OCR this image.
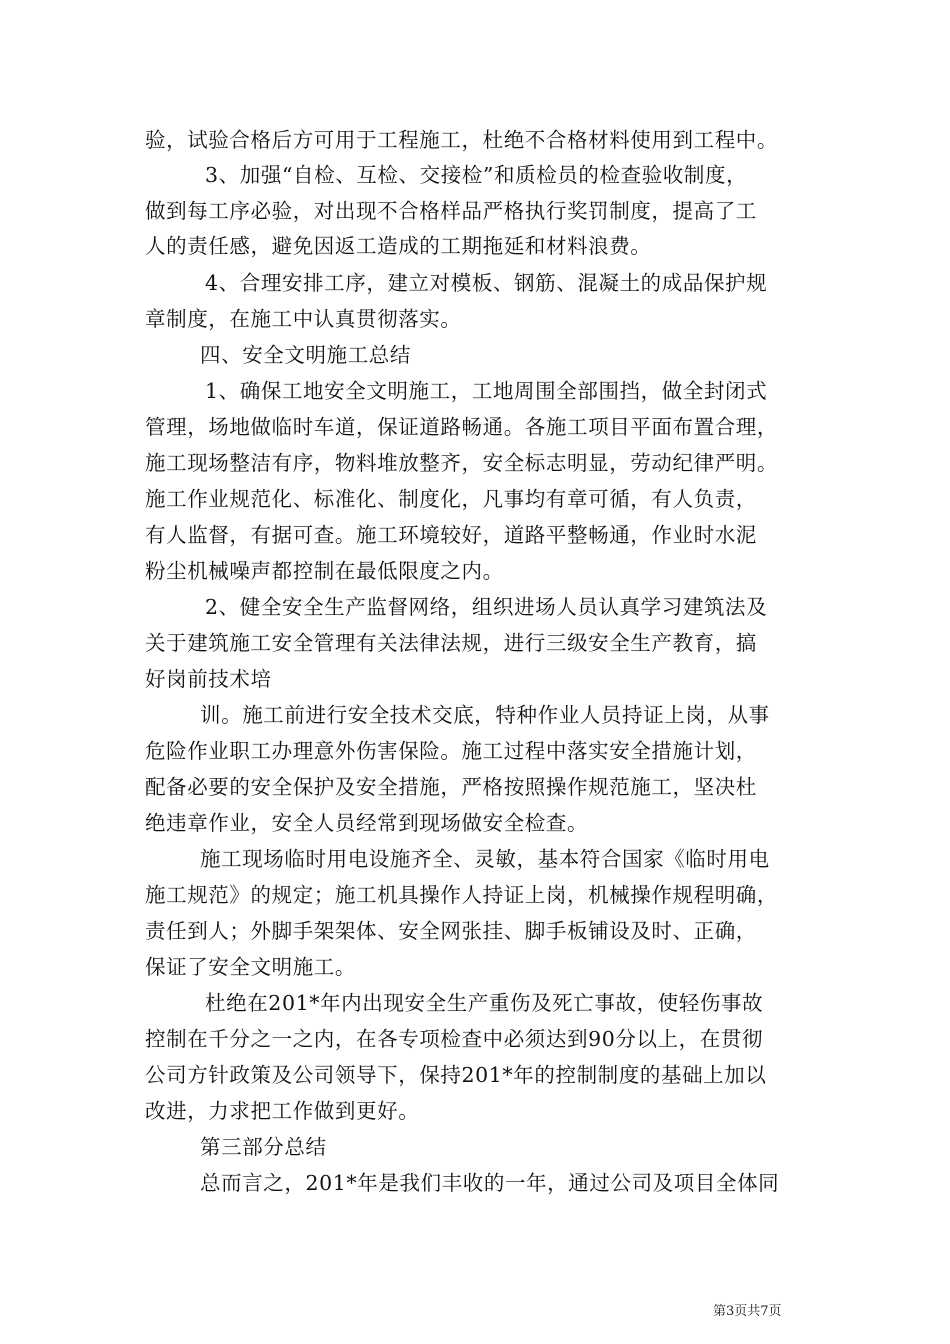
验，试验合格后方可用于工程施工，杜绝不合格材料使用到工程中。
3、加强“自检、互检、交接检”和质检员的检查验收制度，
做到每工序必验，对出现不合格样品严格执行奖罚制度，提高了工
人的责任感，避免因返工造成的工期拖延和材料浪费。
4、合理安排工序，建立对模板、钢筋、混凝土的成品保护规
章制度，在施工中认真贯彻落实。
四、安全文明施工总结
1、确保工地安全文明施工，工地周围全部围挡，做全封闭式
管理，场地做临时车道，保证道路畅通。各施工项目平面布置合理，
施工现场整洁有序，物料堆放整齐，安全标志明显，劳动纪律严明。
施工作业规范化、标准化、制度化，凡事均有章可循，有人负责，
有人监督，有据可查。施工环境较好，道路平整畅通，作业时水泥
粉尘机械噪声都控制在最低限度之内。
2、健全安全生产监督网络，组织进场人员认真学习建筑法及
关于建筑施工安全管理有关法律法规，进行三级安全生产教育，搞
好岗前技术培
训。施工前进行安全技术交底，特种作业人员持证上岗，从事
危险作业职工办理意外伤害保险。施工过程中落实安全措施计划，
配备必要的安全保护及安全措施，严格按照操作规范施工，坚决杜
绝违章作业，安全人员经常到现场做安全检查。
施工现场临时用电设施齐全、灵敏，基本符合国家《临时用电
施工规范》的规定；施工机具操作人持证上岗，机械操作规程明确，
责任到人；外脚手架架体、安全网张挂、脚手板铺设及时、正确，
保证了安全文明施工。
杜绝在201*年内出现安全生产重伤及死亡事故，使轻伤事故
控制在千分之一之内，在各专项检查中必须达到90分以上，在贯彻
公司方针政策及公司领导下，保持201*年的控制制度的基础上加以
改进，力求把工作做到更好。
第三部分总结
总而言之，201*年是我们丰收的一年，通过公司及项目全体同
第3页共7页
